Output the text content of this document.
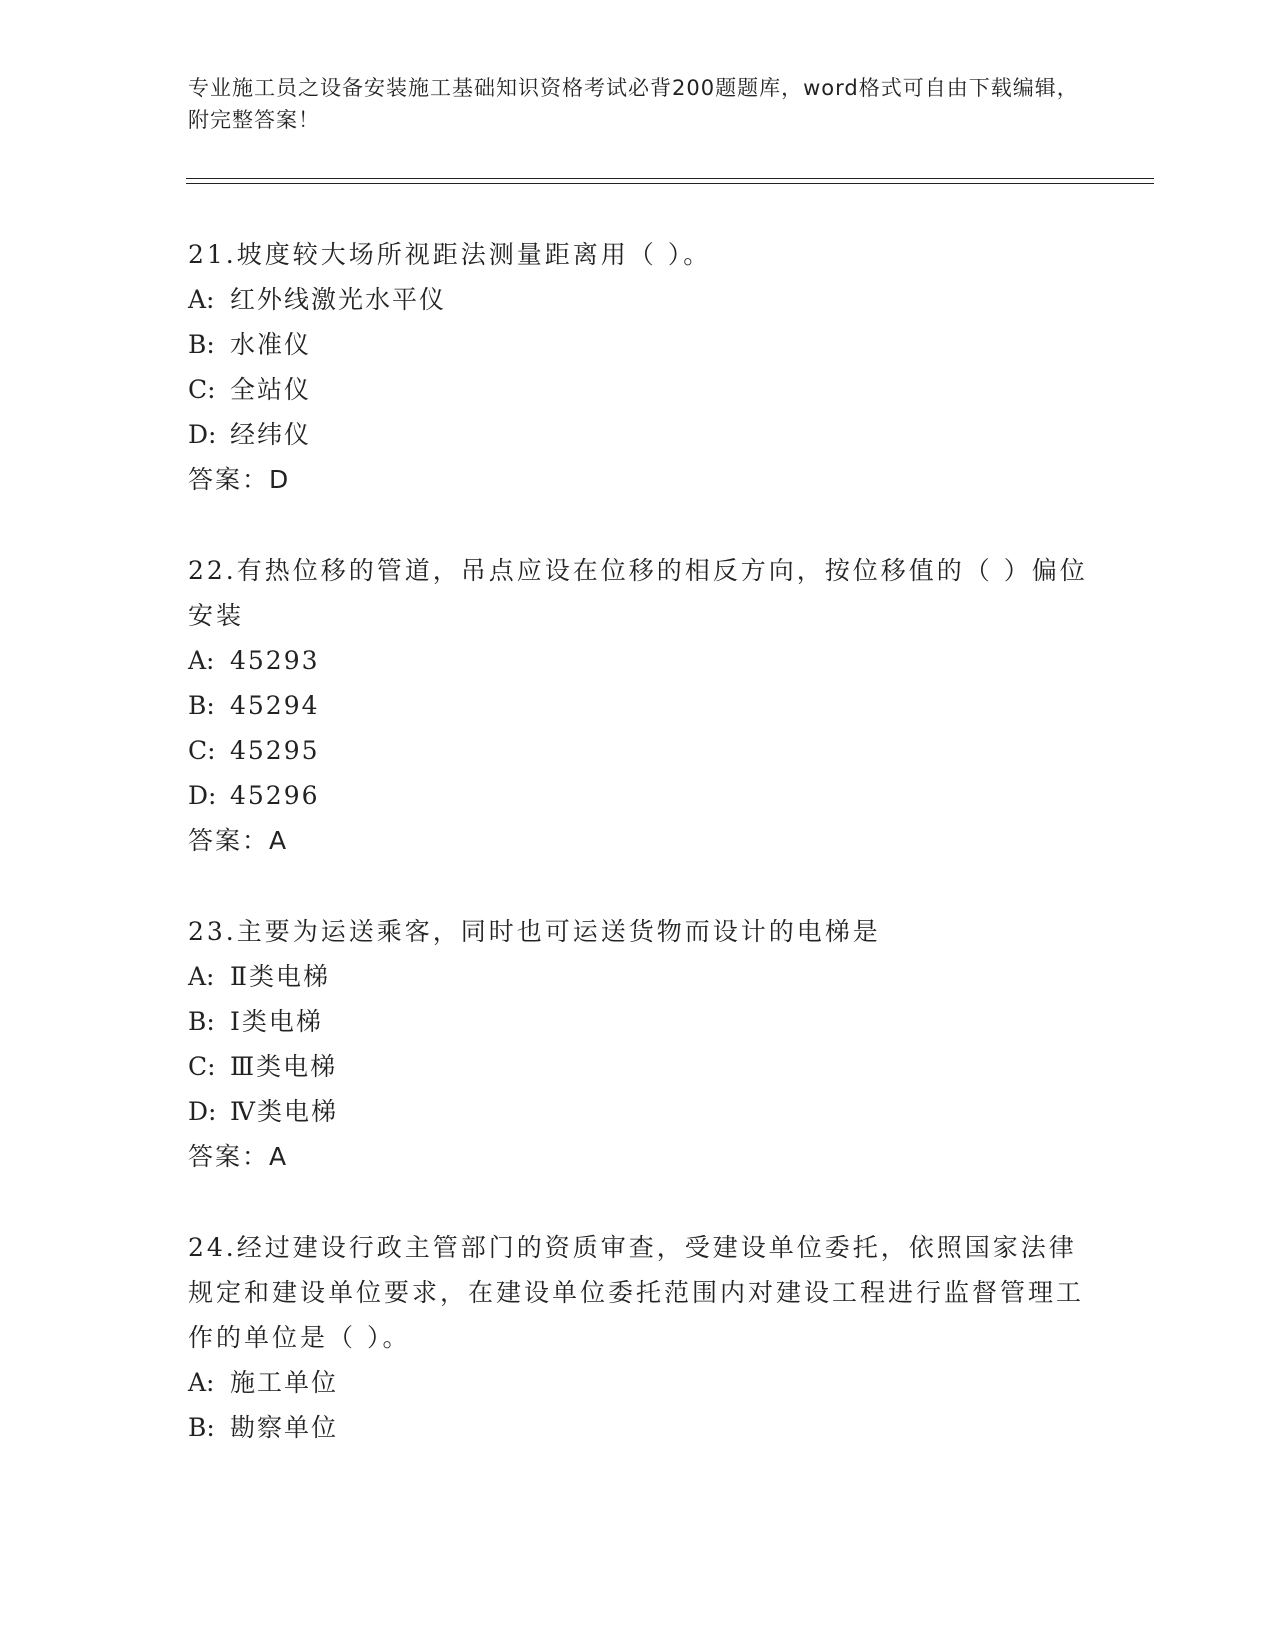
专业施工员之设备安装施工基础知识资格考试必背200题题库，word格式可自由下载编辑，附完整答案！
21.坡度较大场所视距法测量距离用（ ）。
A: 红外线激光水平仪
B: 水准仪
C: 全站仪
D: 经纬仪
答案：D
22.有热位移的管道，吊点应设在位移的相反方向，按位移值的（ ）偏位安装
A: 45293
B: 45294
C: 45295
D: 45296
答案：A
23.主要为运送乘客，同时也可运送货物而设计的电梯是
A: Ⅱ类电梯
B: Ⅰ类电梯
C: Ⅲ类电梯
D: Ⅳ类电梯
答案：A
24.经过建设行政主管部门的资质审查，受建设单位委托，依照国家法律规定和建设单位要求，在建设单位委托范围内对建设工程进行监督管理工作的单位是（ ）。
A: 施工单位
B: 勘察单位
